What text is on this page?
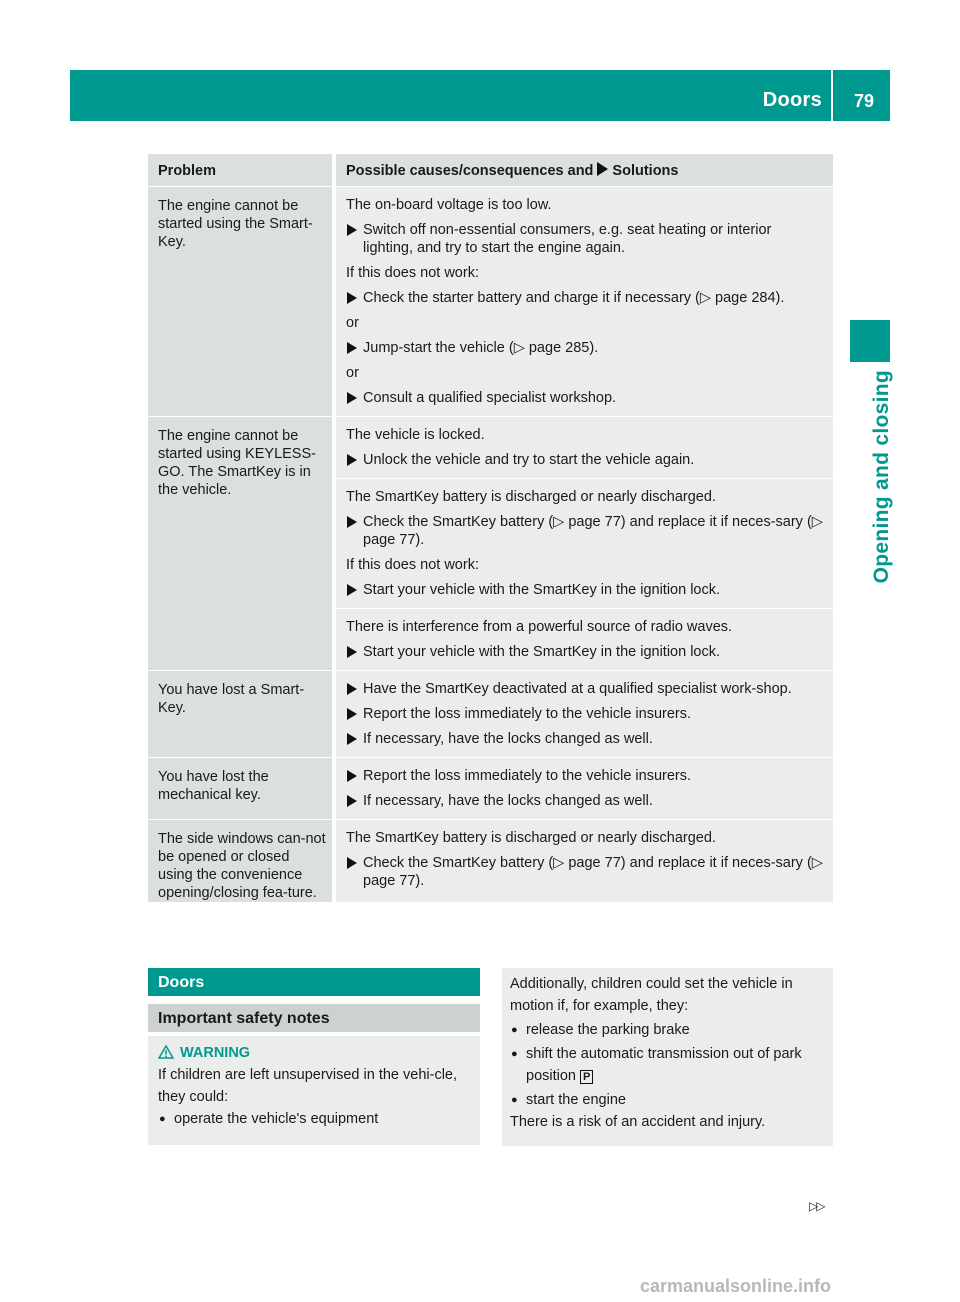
Doors 79
Opening and closing
Problem	Possible causes/consequences and Solutions
The engine cannot be started using the Smart-Key.
The on-board voltage is too low.
Switch off non-essential consumers, e.g. seat heating or interior lighting, and try to start the engine again.
If this does not work:
Check the starter battery and charge it if necessary (▷ page 284).
or
Jump-start the vehicle (▷ page 285).
or
Consult a qualified specialist workshop.
The engine cannot be started using KEYLESS-GO. The SmartKey is in the vehicle.
The vehicle is locked.
Unlock the vehicle and try to start the vehicle again.
The SmartKey battery is discharged or nearly discharged.
Check the SmartKey battery (▷ page 77) and replace it if neces-sary (▷ page 77).
If this does not work:
Start your vehicle with the SmartKey in the ignition lock.
There is interference from a powerful source of radio waves.
Start your vehicle with the SmartKey in the ignition lock.
You have lost a Smart-Key.
Have the SmartKey deactivated at a qualified specialist work-shop.
Report the loss immediately to the vehicle insurers.
If necessary, have the locks changed as well.
You have lost the mechanical key.
Report the loss immediately to the vehicle insurers.
If necessary, have the locks changed as well.
The side windows can-not be opened or closed using the convenience opening/closing fea-ture.
The SmartKey battery is discharged or nearly discharged.
Check the SmartKey battery (▷ page 77) and replace it if neces-sary (▷ page 77).
Doors
Important safety notes
WARNING
If children are left unsupervised in the vehi-cle, they could:
● operate the vehicle's equipment
Additionally, children could set the vehicle in motion if, for example, they:
● release the parking brake
● shift the automatic transmission out of park position P
● start the engine
There is a risk of an accident and injury.
▷▷
carmanualsonline.info
